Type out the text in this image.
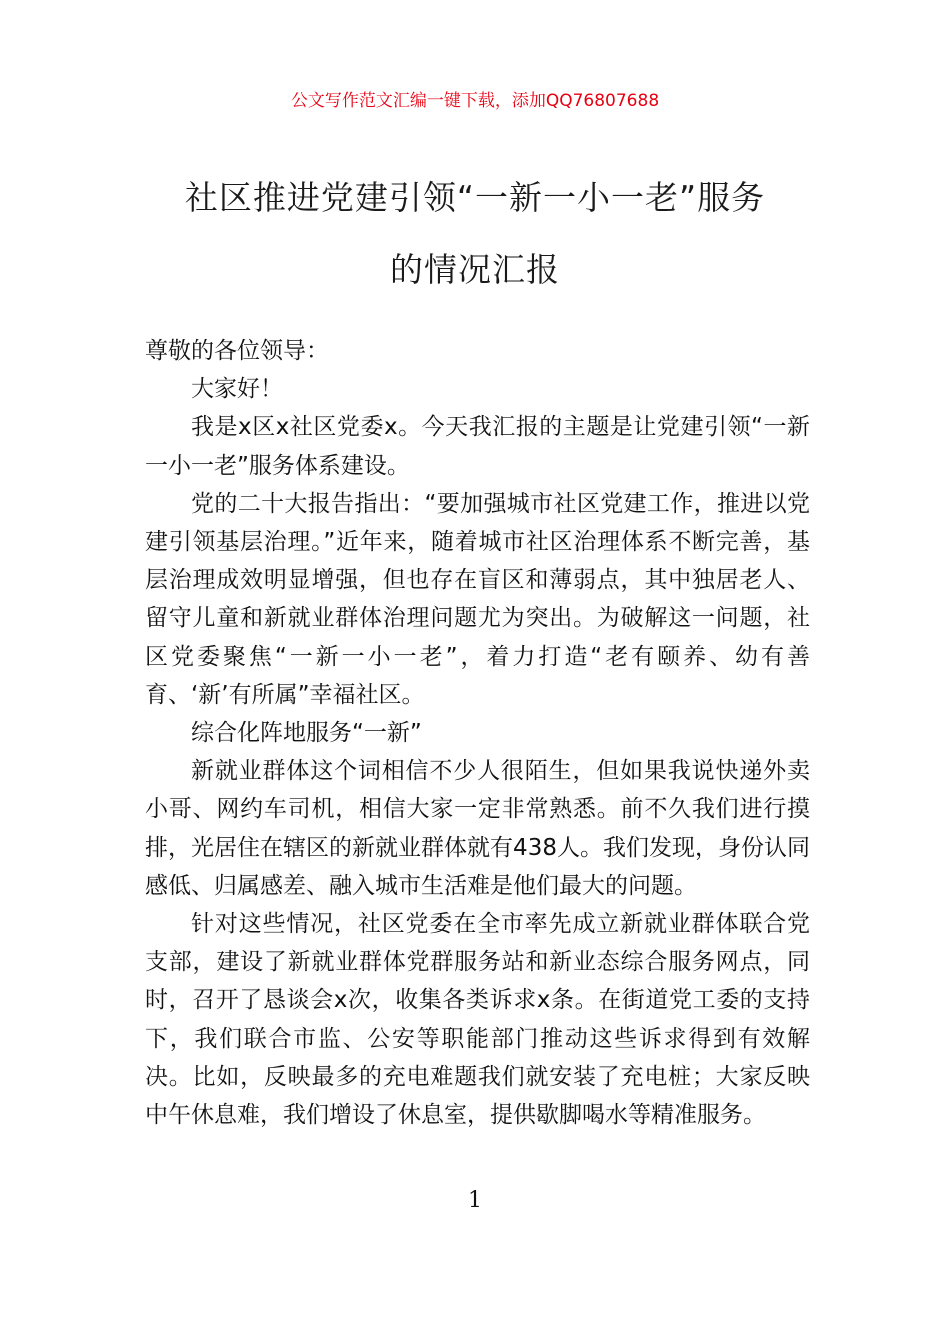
公文写作范文汇编一键下载，添加QQ76807688
社区推进党建引领“一新一小一老”服务
的情况汇报

尊敬的各位领导：

大家好！

我是x区x社区党委x。今天我汇报的主题是让党建引领“一新一小一老”服务体系建设。

党的二十大报告指出：“要加强城市社区党建工作，推进以党建引领基层治理。”近年来，随着城市社区治理体系不断完善，基层治理成效明显增强，但也存在盲区和薄弱点，其中独居老人、留守儿童和新就业群体治理问题尤为突出。为破解这一问题，社区党委聚焦“一新一小一老”，着力打造“老有颐养、幼有善育、‘新’有所属”幸福社区。

综合化阵地服务“一新”

新就业群体这个词相信不少人很陌生，但如果我说快递外卖小哥、网约车司机，相信大家一定非常熟悉。前不久我们进行摸排，光居住在辖区的新就业群体就有438人。我们发现，身份认同感低、归属感差、融入城市生活难是他们最大的问题。

针对这些情况，社区党委在全市率先成立新就业群体联合党支部，建设了新就业群体党群服务站和新业态综合服务网点，同时，召开了恳谈会x次，收集各类诉求x条。在街道党工委的支持下，我们联合市监、公安等职能部门推动这些诉求得到有效解决。比如，反映最多的充电难题我们就安装了充电桩；大家反映中午休息难，我们增设了休息室，提供歇脚喝水等精准服务。

1
